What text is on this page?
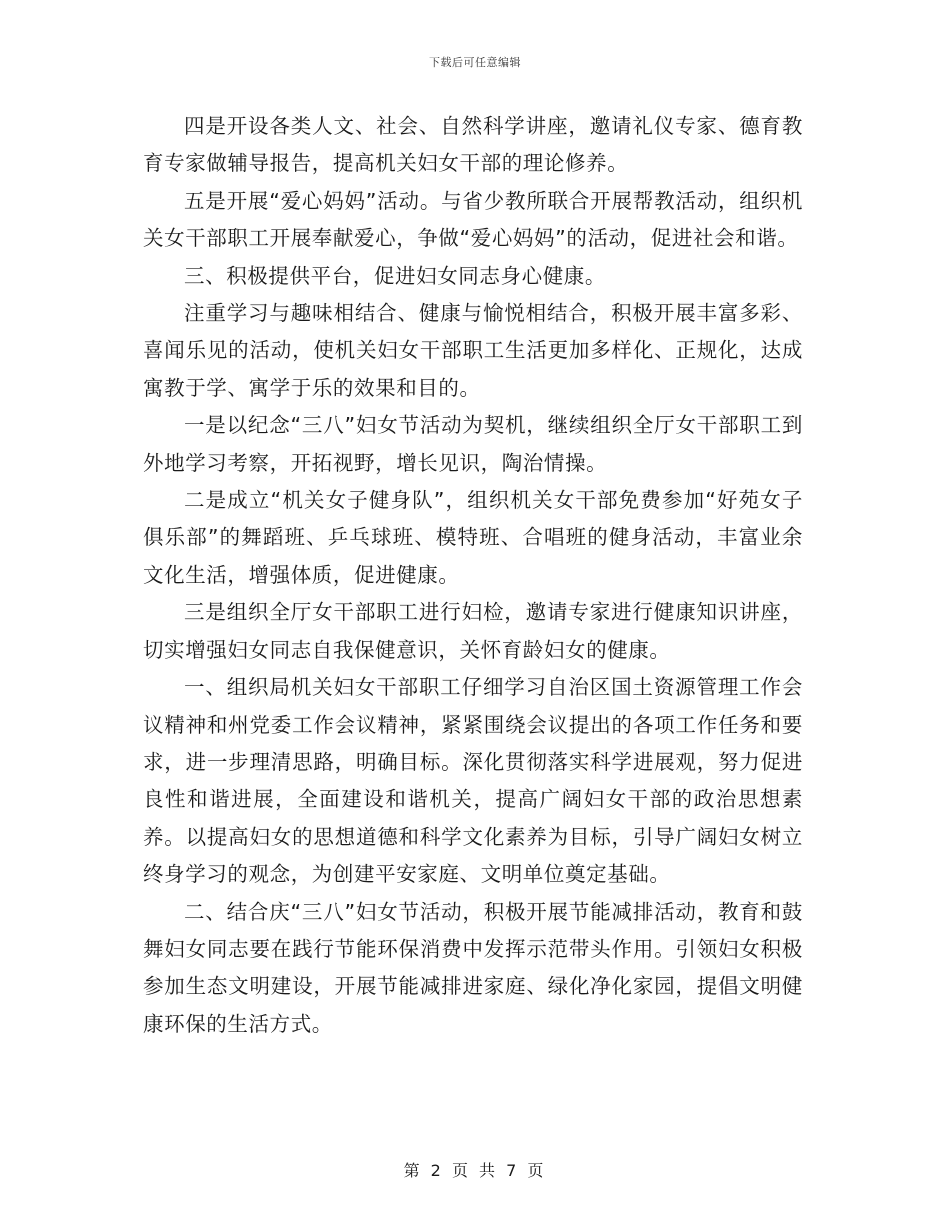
下载后可任意编辑

四是开设各类人文、社会、自然科学讲座，邀请礼仪专家、德育教育专家做辅导报告，提高机关妇女干部的理论修养。

五是开展“爱心妈妈”活动。与省少教所联合开展帮教活动，组织机关女干部职工开展奉献爱心，争做“爱心妈妈”的活动，促进社会和谐。

三、积极提供平台，促进妇女同志身心健康。

注重学习与趣味相结合、健康与愉悦相结合，积极开展丰富多彩、喜闻乐见的活动，使机关妇女干部职工生活更加多样化、正规化，达成寓教于学、寓学于乐的效果和目的。

一是以纪念“三八”妇女节活动为契机，继续组织全厅女干部职工到外地学习考察，开拓视野，增长见识，陶治情操。

二是成立“机关女子健身队”，组织机关女干部免费参加“好苑女子俱乐部”的舞蹈班、乒乓球班、模特班、合唱班的健身活动，丰富业余文化生活，增强体质，促进健康。

三是组织全厅女干部职工进行妇检，邀请专家进行健康知识讲座，切实增强妇女同志自我保健意识，关怀育龄妇女的健康。

一、组织局机关妇女干部职工仔细学习自治区国土资源管理工作会议精神和州党委工作会议精神，紧紧围绕会议提出的各项工作任务和要求，进一步理清思路，明确目标。深化贯彻落实科学进展观，努力促进良性和谐进展，全面建设和谐机关，提高广阔妇女干部的政治思想素养。以提高妇女的思想道德和科学文化素养为目标，引导广阔妇女树立终身学习的观念，为创建平安家庭、文明单位奠定基础。

二、结合庆“三八”妇女节活动，积极开展节能减排活动，教育和鼓舞妇女同志要在践行节能环保消费中发挥示范带头作用。引领妇女积极参加生态文明建设，开展节能减排进家庭、绿化净化家园，提倡文明健康环保的生活方式。

第 2 页 共 7 页
